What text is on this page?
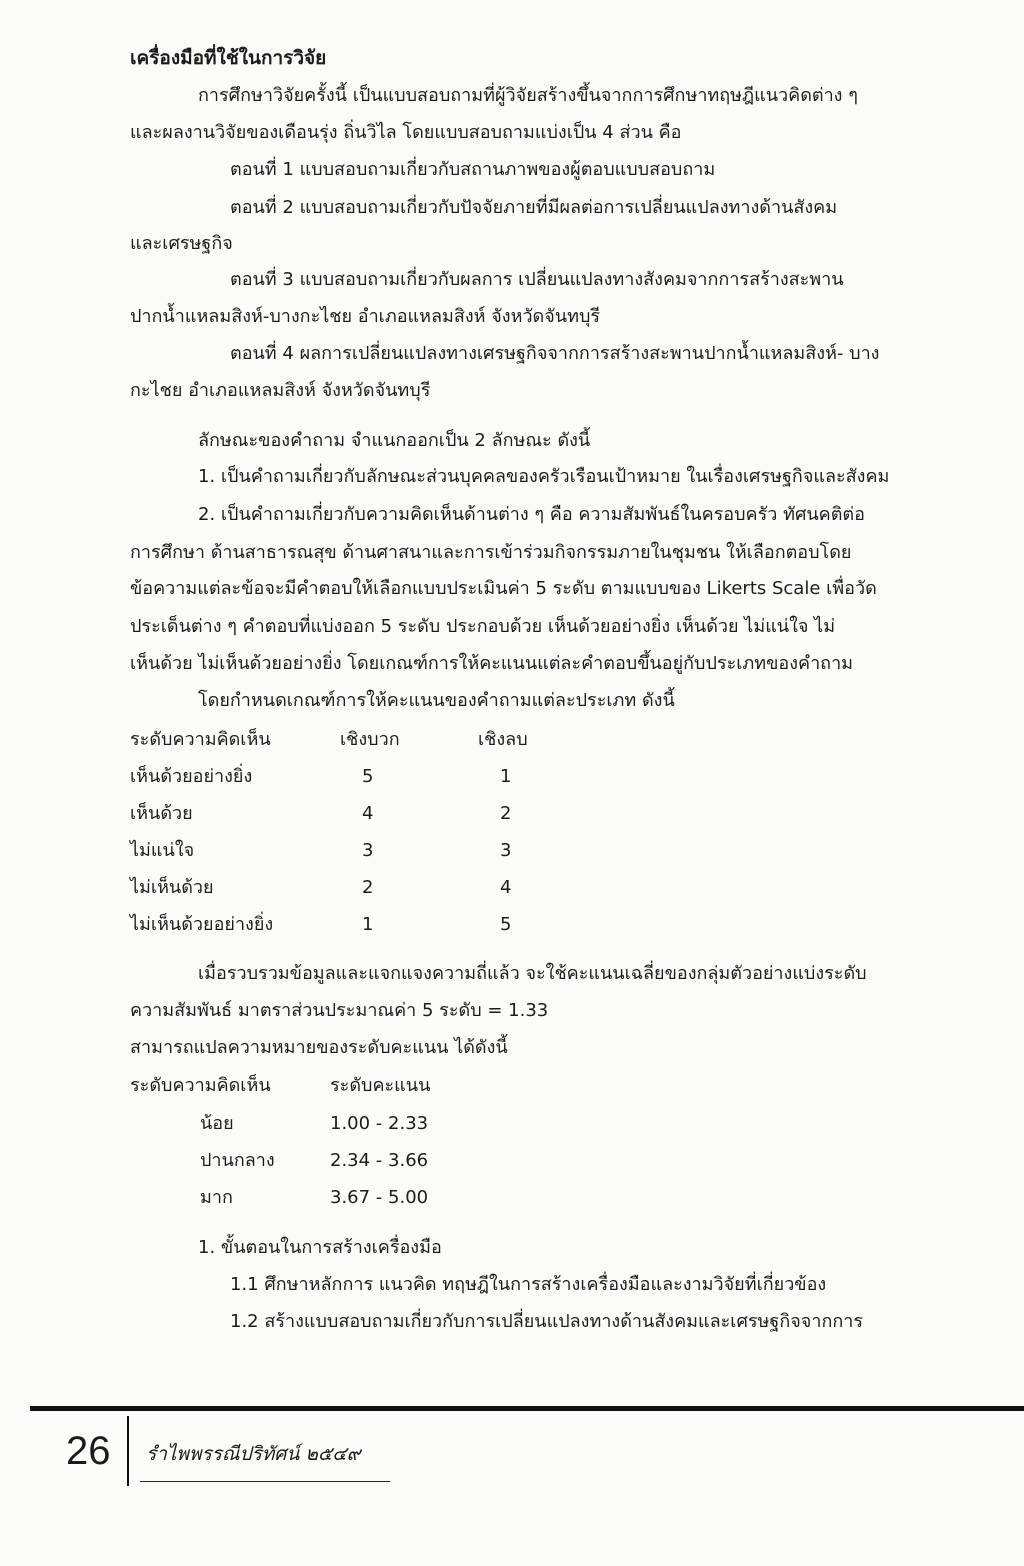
เครื่องมือที่ใช้ในการวิจัย
การศึกษาวิจัยครั้งนี้ เป็นแบบสอบถามที่ผู้วิจัยสร้างขึ้นจากการศึกษาทฤษฎีแนวคิดต่าง ๆ
และผลงานวิจัยของเดือนรุ่ง ถิ่นวิไล โดยแบบสอบถามแบ่งเป็น 4 ส่วน คือ
ตอนที่ 1 แบบสอบถามเกี่ยวกับสถานภาพของผู้ตอบแบบสอบถาม
ตอนที่ 2 แบบสอบถามเกี่ยวกับปัจจัยภายที่มีผลต่อการเปลี่ยนแปลงทางด้านสังคม
และเศรษฐกิจ
ตอนที่ 3 แบบสอบถามเกี่ยวกับผลการ เปลี่ยนแปลงทางสังคมจากการสร้างสะพาน
ปากน้ำแหลมสิงห์-บางกะไชย อำเภอแหลมสิงห์ จังหวัดจันทบุรี
ตอนที่ 4 ผลการเปลี่ยนแปลงทางเศรษฐกิจจากการสร้างสะพานปากน้ำแหลมสิงห์- บาง
กะไชย อำเภอแหลมสิงห์ จังหวัดจันทบุรี
ลักษณะของคำถาม จำแนกออกเป็น 2 ลักษณะ ดังนี้
1. เป็นคำถามเกี่ยวกับลักษณะส่วนบุคคลของครัวเรือนเป้าหมาย ในเรื่องเศรษฐกิจและสังคม
2. เป็นคำถามเกี่ยวกับความคิดเห็นด้านต่าง ๆ คือ ความสัมพันธ์ในครอบครัว ทัศนคติต่อ
การศึกษา ด้านสาธารณสุข ด้านศาสนาและการเข้าร่วมกิจกรรมภายในชุมชน ให้เลือกตอบโดย
ข้อความแต่ละข้อจะมีคำตอบให้เลือกแบบประเมินค่า 5 ระดับ ตามแบบของ Likerts Scale เพื่อวัด
ประเด็นต่าง ๆ คำตอบที่แบ่งออก 5 ระดับ ประกอบด้วย เห็นด้วยอย่างยิ่ง เห็นด้วย ไม่แน่ใจ ไม่
เห็นด้วย ไม่เห็นด้วยอย่างยิ่ง โดยเกณฑ์การให้คะแนนแต่ละคำตอบขึ้นอยู่กับประเภทของคำถาม
โดยกำหนดเกณฑ์การให้คะแนนของคำถามแต่ละประเภท ดังนี้
ระดับความคิดเห็น	เชิงบวก	เชิงลบ
เห็นด้วยอย่างยิ่ง	5	1
เห็นด้วย	4	2
ไม่แน่ใจ	3	3
ไม่เห็นด้วย	2	4
ไม่เห็นด้วยอย่างยิ่ง	1	5
เมื่อรวบรวมข้อมูลและแจกแจงความถี่แล้ว จะใช้คะแนนเฉลี่ยของกลุ่มตัวอย่างแบ่งระดับ
ความสัมพันธ์ มาตราส่วนประมาณค่า 5 ระดับ = 1.33
สามารถแปลความหมายของระดับคะแนน ได้ดังนี้
ระดับความคิดเห็น	ระดับคะแนน
น้อย	1.00 - 2.33
ปานกลาง	2.34 - 3.66
มาก	3.67 - 5.00
1. ขั้นตอนในการสร้างเครื่องมือ
1.1 ศึกษาหลักการ แนวคิด ทฤษฎีในการสร้างเครื่องมือและงามวิจัยที่เกี่ยวข้อง
1.2 สร้างแบบสอบถามเกี่ยวกับการเปลี่ยนแปลงทางด้านสังคมและเศรษฐกิจจากการ
26 รำไพพรรณีปริทัศน์ ๒๕๔๙
